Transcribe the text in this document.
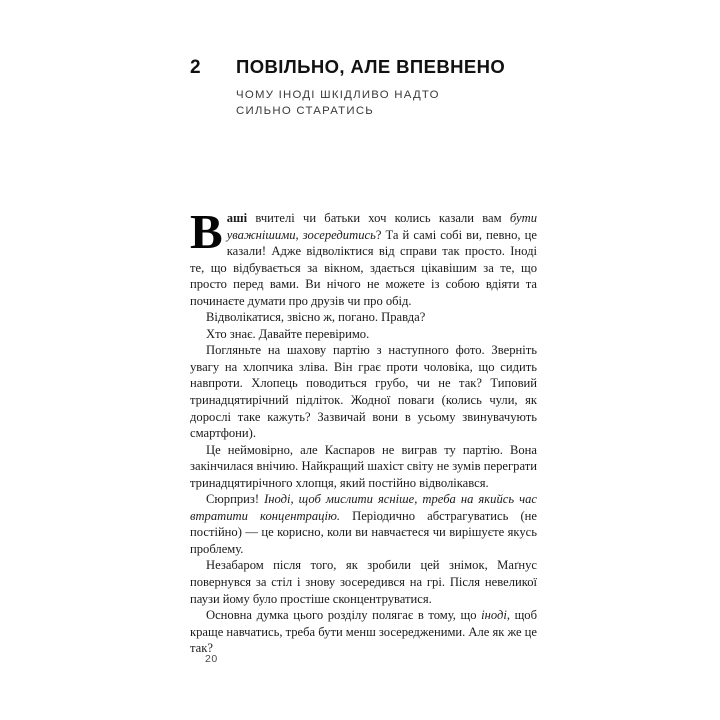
2	ПОВІЛЬНО, АЛЕ ВПЕВНЕНО
ЧОМУ ІНОДІ ШКІДЛИВО НАДТО
СИЛЬНО СТАРАТИСЬ

Ваші вчителі чи батьки хоч колись казали вам бути уважнішими, зосередитись? Та й самі собі ви, певно, це казали! Адже відволіктися від справи так просто. Іноді те, що відбувається за вікном, здається цікавішим за те, що просто перед вами. Ви нічого не можете із собою вдіяти та починаєте думати про друзів чи про обід.

Відволікатися, звісно ж, погано. Правда?

Хто знає. Давайте перевіримо.

Погляньте на шахову партію з наступного фото. Зверніть увагу на хлопчика зліва. Він грає проти чоловіка, що сидить навпроти. Хлопець поводиться грубо, чи не так? Типовий тринадцятирічний підліток. Жодної поваги (колись чули, як дорослі таке кажуть? Зазвичай вони в усьому звинувачують смартфони).

Це неймовірно, але Каспаров не виграв ту партію. Вона закінчилася внічию. Найкращий шахіст світу не зумів переграти тринадцятирічного хлопця, який постійно відволікався.

Сюрприз! Іноді, щоб мислити ясніше, треба на якийсь час втратити концентрацію. Періодично абстрагуватись (не постійно) — це корисно, коли ви навчаєтеся чи вирішуєте якусь проблему.

Незабаром після того, як зробили цей знімок, Маґнус повернувся за стіл і знову зосередився на грі. Після невеликої паузи йому було простіше сконцентруватися.

Основна думка цього розділу полягає в тому, що іноді, щоб краще навчатись, треба бути менш зосередженими. Але як же це так?

20
